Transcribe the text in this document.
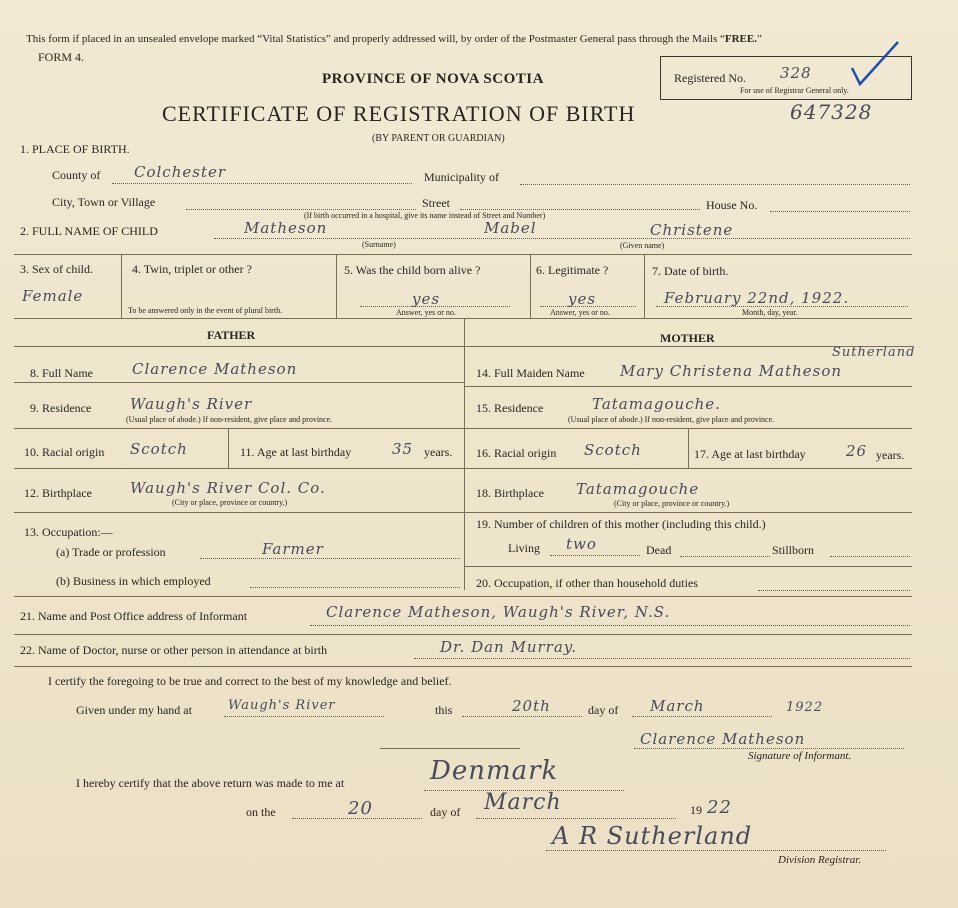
This form if placed in an unsealed envelope marked “Vital Statistics” and properly addressed will, by order of the Postmaster General pass through the Mails “FREE.”
FORM 4.
PROVINCE OF NOVA SCOTIA
CERTIFICATE OF REGISTRATION OF BIRTH
(BY PARENT OR GUARDIAN)
Registered No. 328
For use of Registrar General only.
647328
1. PLACE OF BIRTH.
County of Colchester	Municipality of
City, Town or Village	Street	House No.
(If birth occurred in a hospital, give its name instead of Street and Number)
2. FULL NAME OF CHILD	Matheson	Mabel	Christene
(Surname)	(Given name)
3. Sex of child.
Female
4. Twin, triplet or other ?
To be answered only in the event of plural birth.
5. Was the child born alive ?
yes
Answer, yes or no.
6. Legitimate ?
yes
Answer, yes or no.
7. Date of birth.
February 22nd, 1922.
Month, day, year.
FATHER	MOTHER
8. Full Name	Clarence Matheson
9. Residence	Waugh's River
(Usual place of abode.) If non-resident, give place and province.
10. Racial origin Scotch	11. Age at last birthday	35 years.
12. Birthplace	Waugh's River Col. Co.
(City or place, province or country.)
13. Occupation:—
(a) Trade or profession	Farmer
(b) Business in which employed
14. Full Maiden Name Mary Christena Matheson
Sutherland
15. Residence	Tatamagouche.
(Usual place of abode.) If non-resident, give place and province.
16. Racial origin Scotch	17. Age at last birthday	26 years.
18. Birthplace Tatamagouche
(City or place, province or country.)
19. Number of children of this mother (including this child.)
Living two	Dead	Stillborn
20. Occupation, if other than household duties
21. Name and Post Office address of Informant	Clarence Matheson, Waugh's River, N.S.
22. Name of Doctor, nurse or other person in attendance at birth	Dr. Dan Murray.
I certify the foregoing to be true and correct to the best of my knowledge and belief.
Given under my hand at	Waugh's River	this	20th	day of March	1922
Clarence Matheson
Signature of Informant.
I hereby certify that the above return was made to me at	Denmark
on the	20	day of March	19 22
A R Sutherland
Division Registrar.
